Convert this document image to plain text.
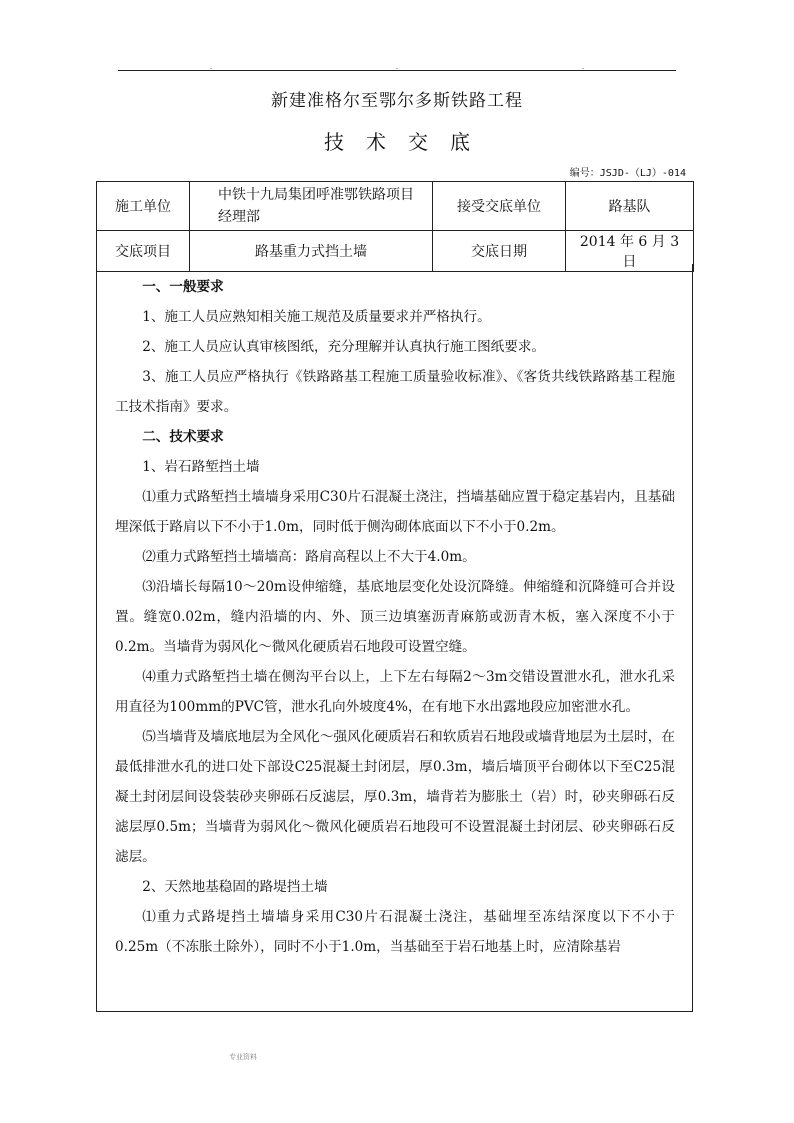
.	.	.
新建准格尔至鄂尔多斯铁路工程
技术交底
编号：JSJD-（LJ）-014
施工单位	中铁十九局集团呼准鄂铁路项目经理部	接受交底单位	路基队
交底项目	路基重力式挡土墙	交底日期	2014 年 6 月 3 日

一、一般要求

1、施工人员应熟知相关施工规范及质量要求并严格执行。

2、施工人员应认真审核图纸，充分理解并认真执行施工图纸要求。

3、施工人员应严格执行《铁路路基工程施工质量验收标准》、《客货共线铁路路基工程施工技术指南》要求。

二、技术要求

1、岩石路堑挡土墙

⑴重力式路堑挡土墙墙身采用C30片石混凝土浇注，挡墙基础应置于稳定基岩内，且基础埋深低于路肩以下不小于1.0m，同时低于侧沟砌体底面以下不小于0.2m。

⑵重力式路堑挡土墙墙高：路肩高程以上不大于4.0m。

⑶沿墙长每隔10～20m设伸缩缝，基底地层变化处设沉降缝。伸缩缝和沉降缝可合并设置。缝宽0.02m，缝内沿墙的内、外、顶三边填塞沥青麻筋或沥青木板，塞入深度不小于0.2m。当墙背为弱风化～微风化硬质岩石地段可设置空缝。

⑷重力式路堑挡土墙在侧沟平台以上，上下左右每隔2～3m交错设置泄水孔，泄水孔采用直径为100mm的PVC管，泄水孔向外坡度4%，在有地下水出露地段应加密泄水孔。

⑸当墙背及墙底地层为全风化～强风化硬质岩石和软质岩石地段或墙背地层为土层时，在最低排泄水孔的进口处下部设C25混凝土封闭层，厚0.3m，墙后墙顶平台砌体以下至C25混凝土封闭层间设袋装砂夹卵砾石反滤层，厚0.3m，墙背若为膨胀土（岩）时，砂夹卵砾石反滤层厚0.5m；当墙背为弱风化～微风化硬质岩石地段可不设置混凝土封闭层、砂夹卵砾石反滤层。

2、天然地基稳固的路堤挡土墙

⑴重力式路堤挡土墙墙身采用C30片石混凝土浇注，基础埋至冻结深度以下不小于0.25m（不冻胀土除外），同时不小于1.0m，当基础至于岩石地基上时，应清除基岩

专业资料
